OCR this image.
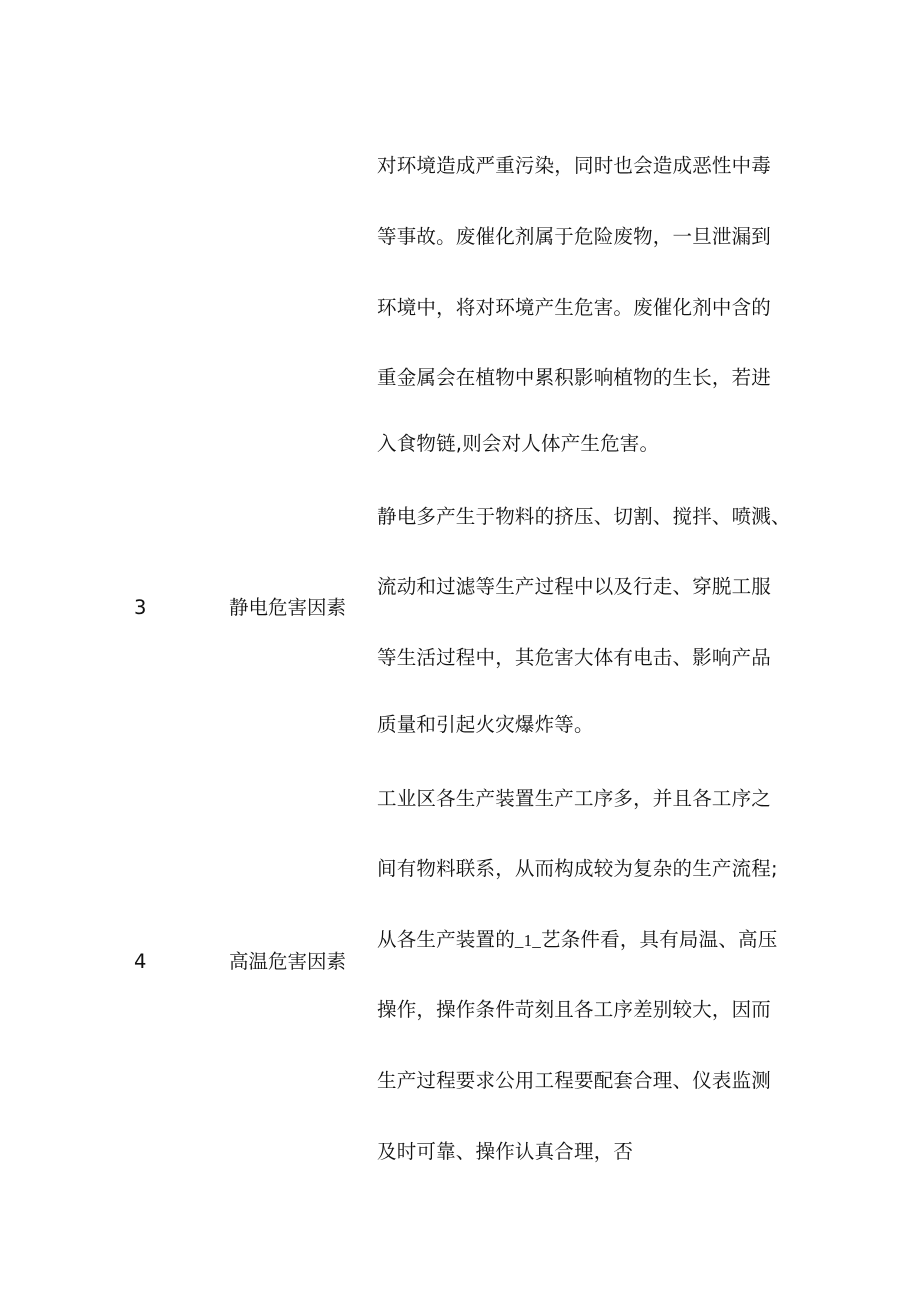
对环境造成严重污染，同时也会造成恶性中毒
等事故。废催化剂属于危险废物，一旦泄漏到
环境中，将对环境产生危害。废催化剂中含的
重金属会在植物中累积影响植物的生长，若进
入食物链,则会对人体产生危害。
3	静电危害因素
静电多产生于物料的挤压、切割、搅拌、喷溅、
流动和过滤等生产过程中以及行走、穿脱工服
等生活过程中，其危害大体有电击、影响产品
质量和引起火灾爆炸等。
4	高温危害因素
工业区各生产装置生产工序多，并且各工序之
间有物料联系，从而构成较为复杂的生产流程;
从各生产装置的_1_艺条件看，具有局温、高压
操作，操作条件苛刻且各工序差别较大，因而
生产过程要求公用工程要配套合理、仪表监测
及时可靠、操作认真合理，否
